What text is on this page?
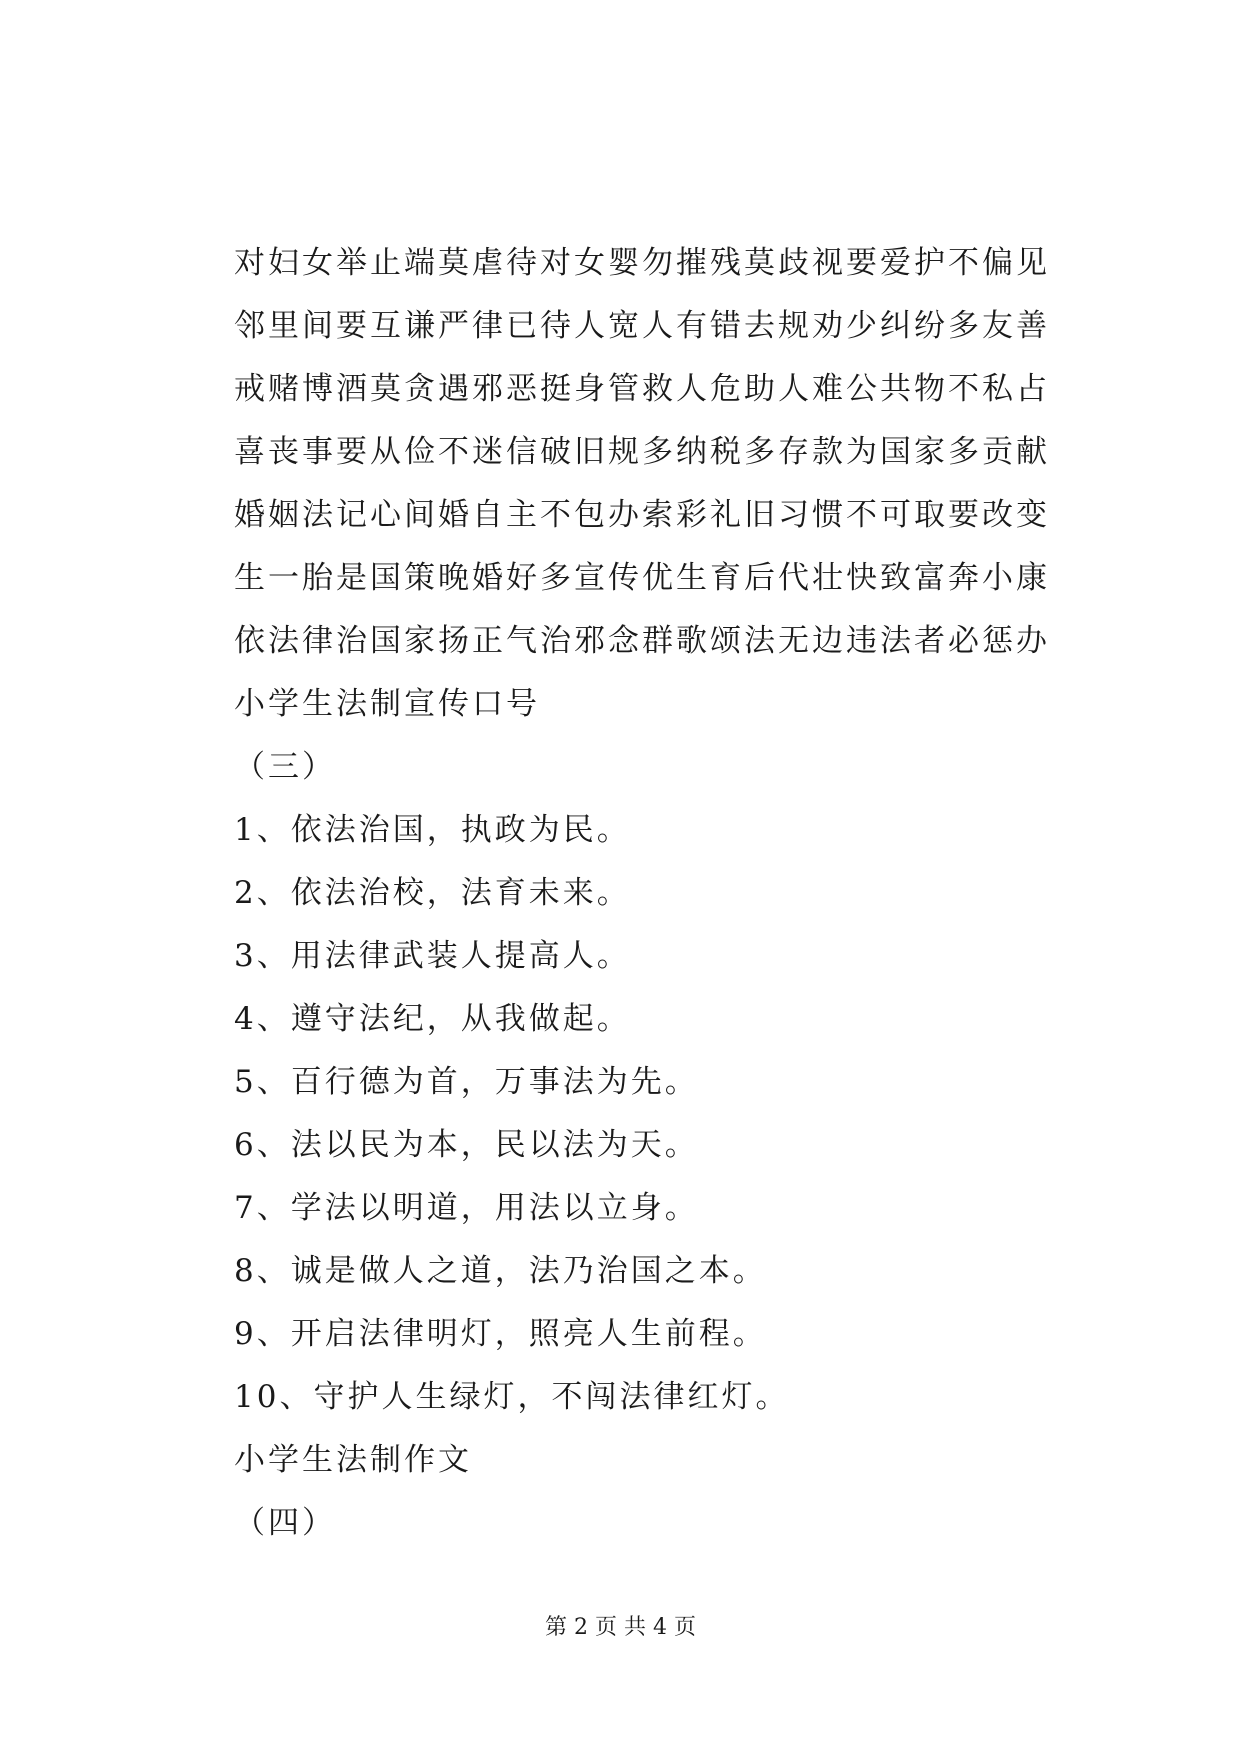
对妇女举止端莫虐待对女婴勿摧残莫歧视要爱护不偏见
邻里间要互谦严律已待人宽人有错去规劝少纠纷多友善
戒赌博酒莫贪遇邪恶挺身管救人危助人难公共物不私占
喜丧事要从俭不迷信破旧规多纳税多存款为国家多贡献
婚姻法记心间婚自主不包办索彩礼旧习惯不可取要改变
生一胎是国策晚婚好多宣传优生育后代壮快致富奔小康
依法律治国家扬正气治邪念群歌颂法无边违法者必惩办
小学生法制宣传口号
（三）
1、依法治国，执政为民。
2、依法治校，法育未来。
3、用法律武装人提高人。
4、遵守法纪，从我做起。
5、百行德为首，万事法为先。
6、法以民为本，民以法为天。
7、学法以明道，用法以立身。
8、诚是做人之道，法乃治国之本。
9、开启法律明灯，照亮人生前程。
10、守护人生绿灯，不闯法律红灯。
小学生法制作文
（四）
第 2 页 共 4 页
